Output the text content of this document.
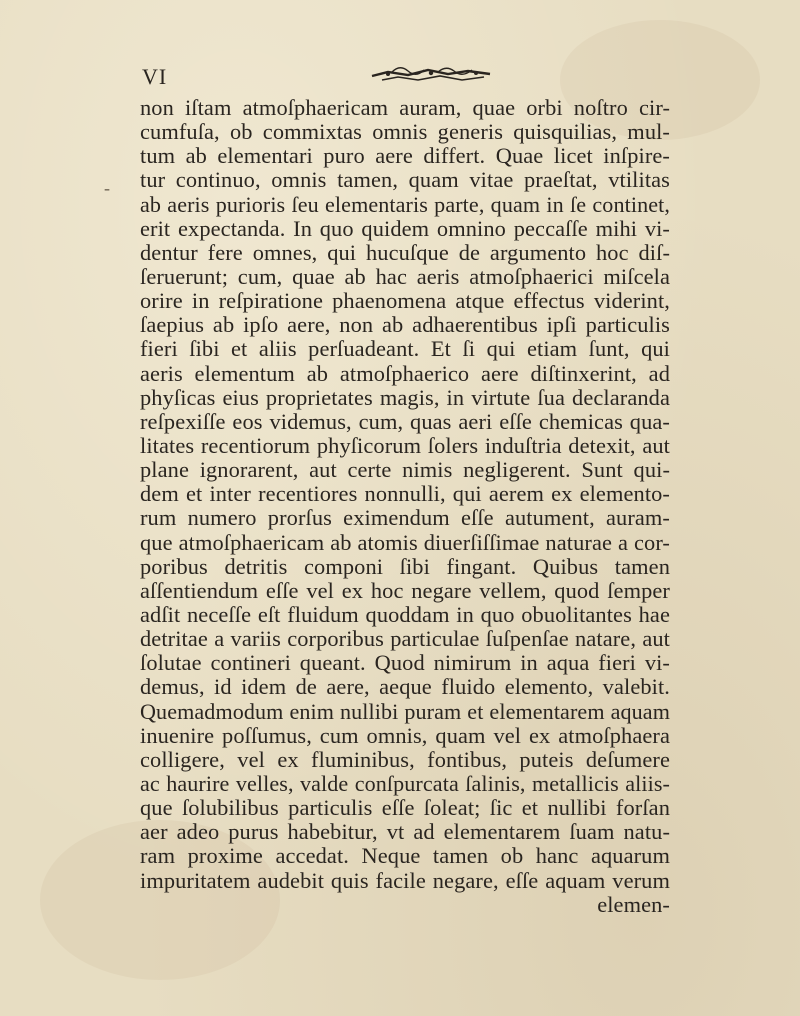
VI
-
non iſtam atmoſphaericam auram, quae orbi noſtro cir-
cumfuſa, ob commixtas omnis generis quisquilias, mul-
tum ab elementari puro aere differt. Quae licet inſpire-
tur continuo, omnis tamen, quam vitae praeſtat, vtilitas
ab aeris purioris ſeu elementaris parte, quam in ſe continet,
erit expectanda. In quo quidem omnino peccaſſe mihi vi-
dentur fere omnes, qui hucuſque de argumento hoc diſ-
ſeruerunt; cum, quae ab hac aeris atmoſphaerici miſcela
orire in reſpiratione phaenomena atque effectus viderint,
ſaepius ab ipſo aere, non ab adhaerentibus ipſi particulis
fieri ſibi et aliis perſuadeant. Et ſi qui etiam ſunt, qui
aeris elementum ab atmoſphaerico aere diſtinxerint, ad
phyſicas eius proprietates magis, in virtute ſua declaranda
reſpexiſſe eos videmus, cum, quas aeri eſſe chemicas qua-
litates recentiorum phyſicorum ſolers induſtria detexit, aut
plane ignorarent, aut certe nimis negligerent. Sunt qui-
dem et inter recentiores nonnulli, qui aerem ex elemento-
rum numero prorſus eximendum eſſe autument, auram-
que atmoſphaericam ab atomis diuerſiſſimae naturae a cor-
poribus detritis componi ſibi fingant. Quibus tamen
aſſentiendum eſſe vel ex hoc negare vellem, quod ſemper
adſit neceſſe eſt fluidum quoddam in quo obuolitantes hae
detritae a variis corporibus particulae ſuſpenſae natare, aut
ſolutae contineri queant. Quod nimirum in aqua fieri vi-
demus, id idem de aere, aeque fluido elemento, valebit.
Quemadmodum enim nullibi puram et elementarem aquam
inuenire poſſumus, cum omnis, quam vel ex atmoſphaera
colligere, vel ex fluminibus, fontibus, puteis deſumere
ac haurire velles, valde conſpurcata ſalinis, metallicis aliis-
que ſolubilibus particulis eſſe ſoleat; ſic et nullibi forſan
aer adeo purus habebitur, vt ad elementarem ſuam natu-
ram proxime accedat. Neque tamen ob hanc aquarum
impuritatem audebit quis facile negare, eſſe aquam verum
elemen-
